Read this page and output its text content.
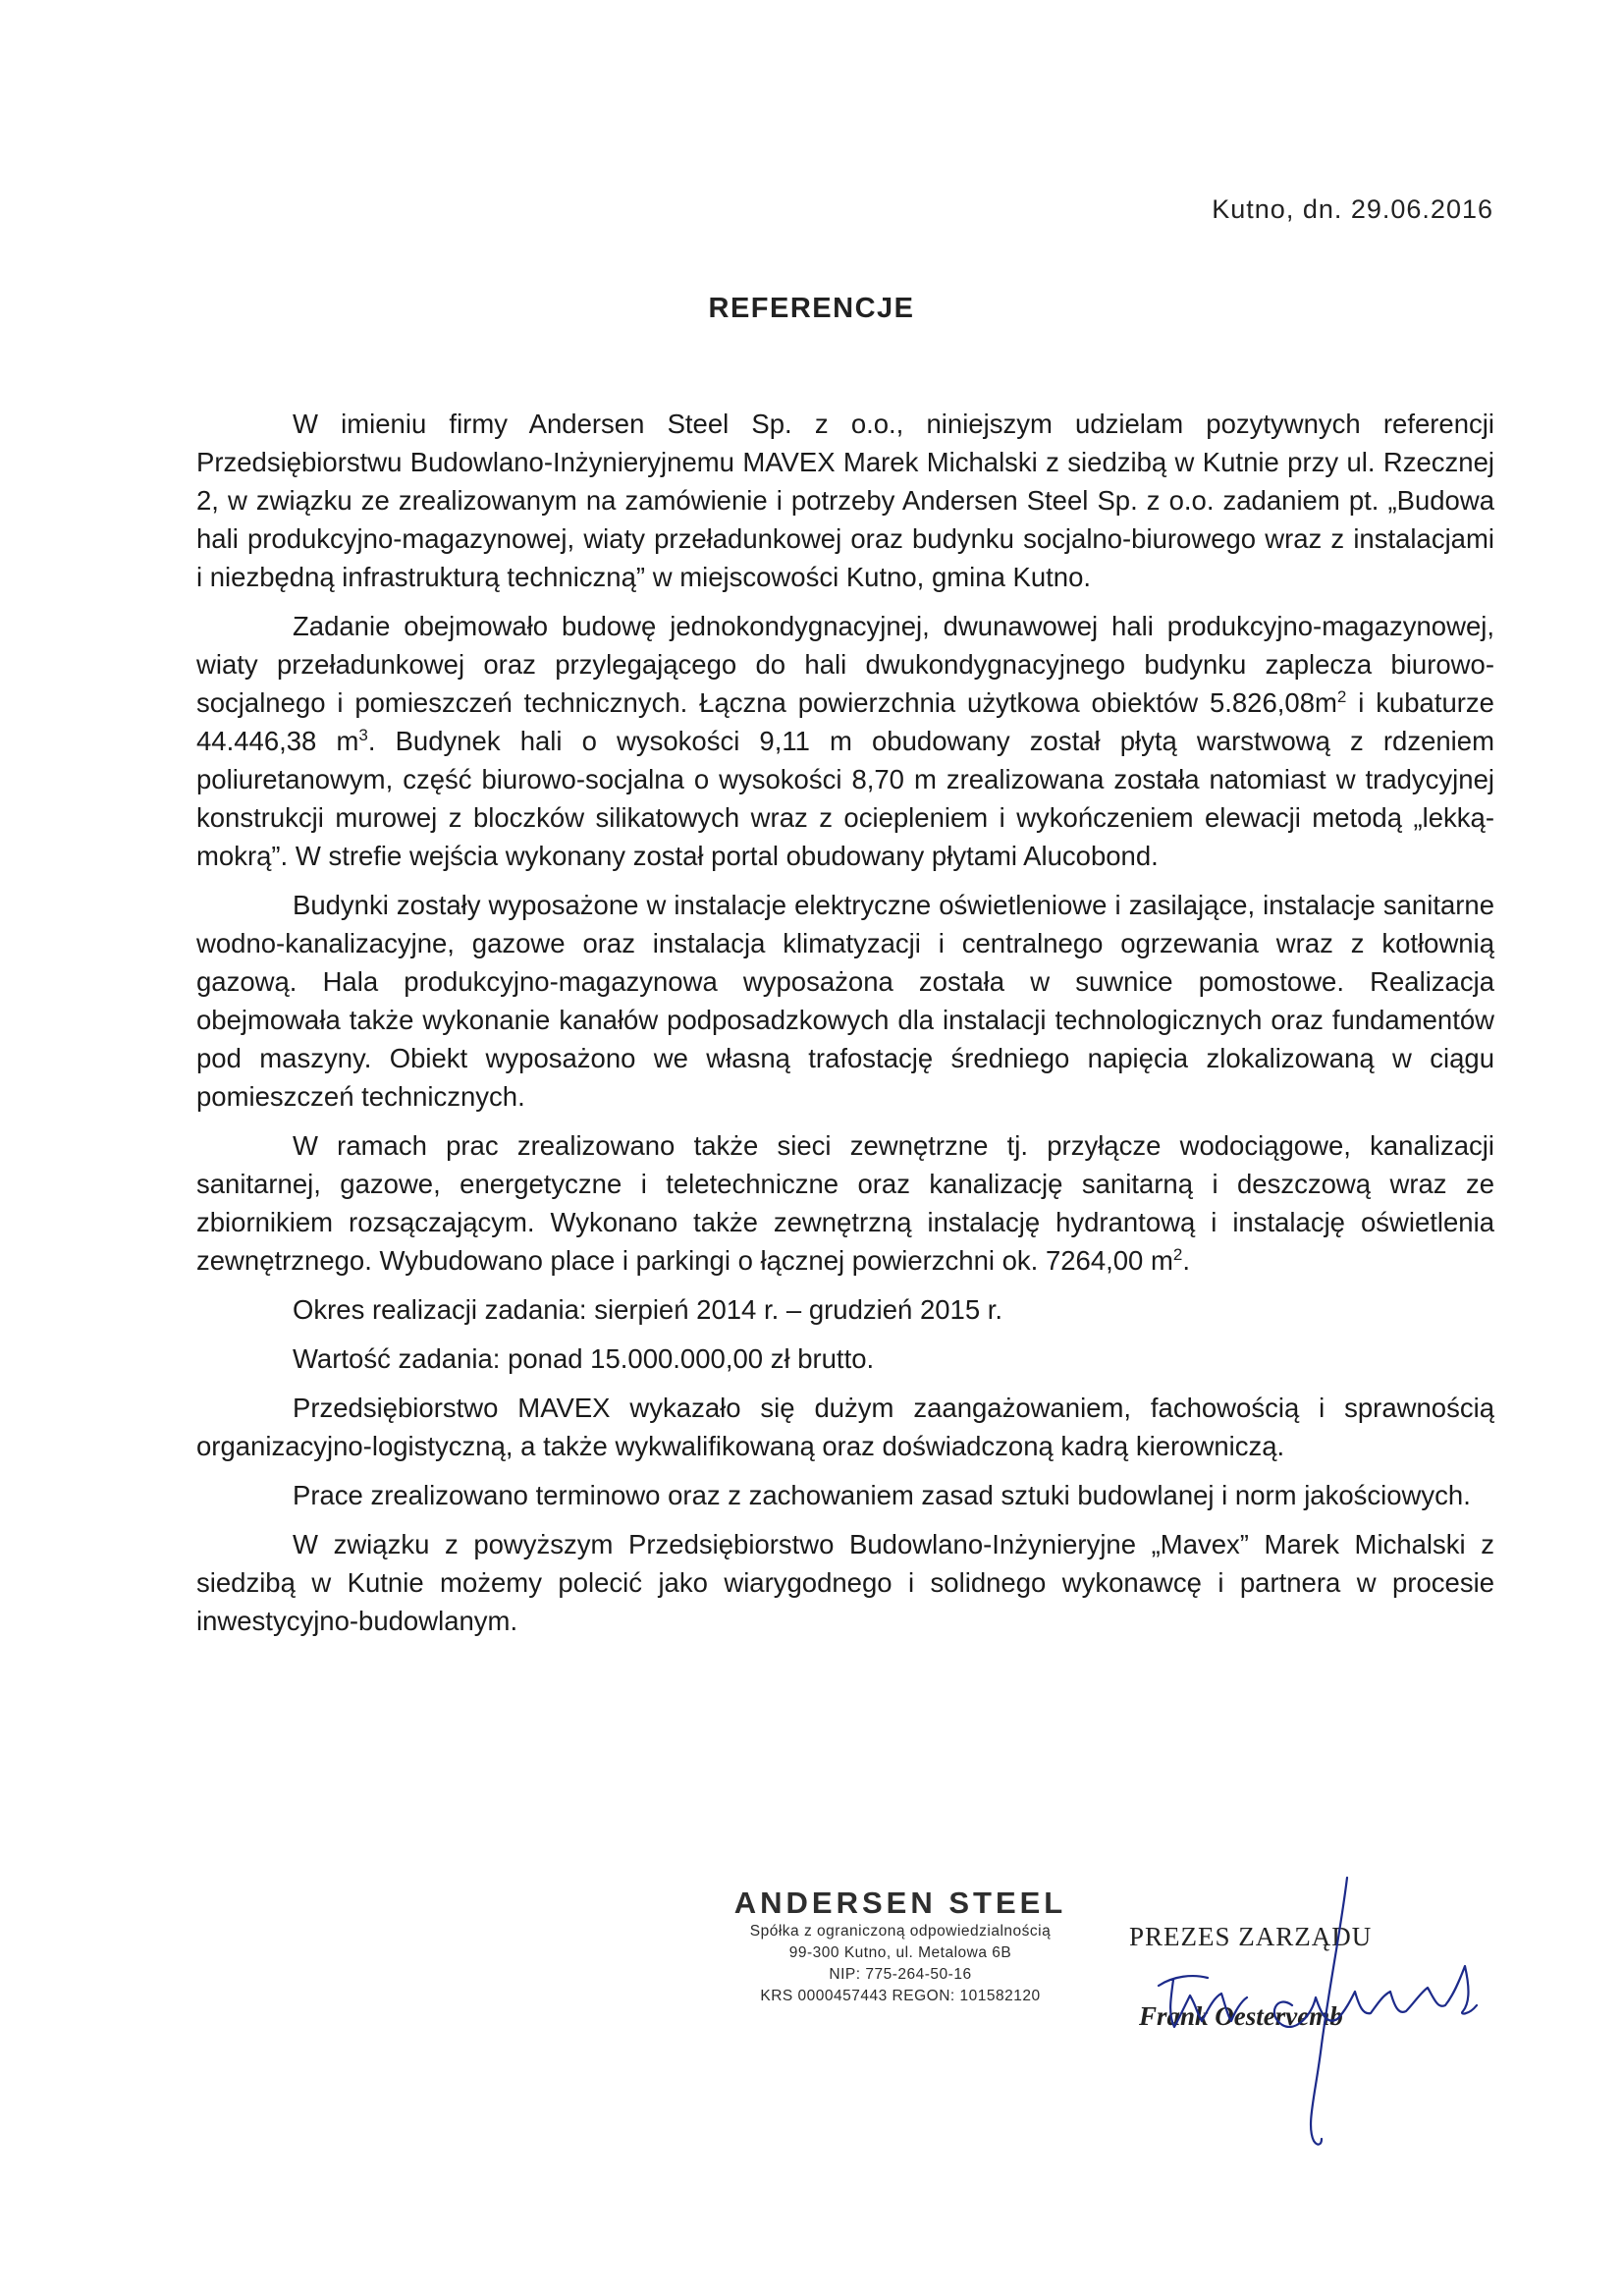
Kutno, dn. 29.06.2016
REFERENCJE

W imieniu firmy Andersen Steel Sp. z o.o., niniejszym udzielam pozytywnych referencji Przedsiębiorstwu Budowlano-Inżynieryjnemu MAVEX Marek Michalski z siedzibą w Kutnie przy ul. Rzecznej 2, w związku ze zrealizowanym na zamówienie i potrzeby Andersen Steel Sp. z o.o. zadaniem pt. „Budowa hali produkcyjno-magazynowej, wiaty przeładunkowej oraz budynku socjalno-biurowego wraz z instalacjami i niezbędną infrastrukturą techniczną” w miejscowości Kutno, gmina Kutno.

Zadanie obejmowało budowę jednokondygnacyjnej, dwunawowej hali produkcyjno-magazynowej, wiaty przeładunkowej oraz przylegającego do hali dwukondygnacyjnego budynku zaplecza biurowo-socjalnego i pomieszczeń technicznych. Łączna powierzchnia użytkowa obiektów $5.826,08m^2$ i kubaturze 44.446,38 $m^3$. Budynek hali o wysokości 9,11 m obudowany został płytą warstwową z rdzeniem poliuretanowym, część biurowo-socjalna o wysokości 8,70 m zrealizowana została natomiast w tradycyjnej konstrukcji murowej z bloczków silikatowych wraz z ociepleniem i wykończeniem elewacji metodą „lekką-mokrą”. W strefie wejścia wykonany został portal obudowany płytami Alucobond.

Budynki zostały wyposażone w instalacje elektryczne oświetleniowe i zasilające, instalacje sanitarne wodno-kanalizacyjne, gazowe oraz instalacja klimatyzacji i centralnego ogrzewania wraz z kotłownią gazową. Hala produkcyjno-magazynowa wyposażona została w suwnice pomostowe. Realizacja obejmowała także wykonanie kanałów podposadzkowych dla instalacji technologicznych oraz fundamentów pod maszyny. Obiekt wyposażono we własną trafostację średniego napięcia zlokalizowaną w ciągu pomieszczeń technicznych.

W ramach prac zrealizowano także sieci zewnętrzne tj. przyłącze wodociągowe, kanalizacji sanitarnej, gazowe, energetyczne i teletechniczne oraz kanalizację sanitarną i deszczową wraz ze zbiornikiem rozsączającym. Wykonano także zewnętrzną instalację hydrantową i instalację oświetlenia zewnętrznego. Wybudowano place i parkingi o łącznej powierzchni ok. 7264,00 $m^2$.

Okres realizacji zadania: sierpień 2014 r. – grudzień 2015 r.

Wartość zadania: ponad 15.000.000,00 zł brutto.

Przedsiębiorstwo MAVEX wykazało się dużym zaangażowaniem, fachowością i sprawnością organizacyjno-logistyczną, a także wykwalifikowaną oraz doświadczoną kadrą kierowniczą.

Prace zrealizowano terminowo oraz z zachowaniem zasad sztuki budowlanej i norm jakościowych.

W związku z powyższym Przedsiębiorstwo Budowlano-Inżynieryjne „Mavex” Marek Michalski z siedzibą w Kutnie możemy polecić jako wiarygodnego i solidnego wykonawcę i partnera w procesie inwestycyjno-budowlanym.

ANDERSEN STEEL
Spółka z ograniczoną odpowiedzialnością
99-300 Kutno, ul. Metalowa 6B
NIP: 775-264-50-16
KRS 0000457443 REGON: 101582120
PREZES ZARZĄDU
Frank Oestervemb
